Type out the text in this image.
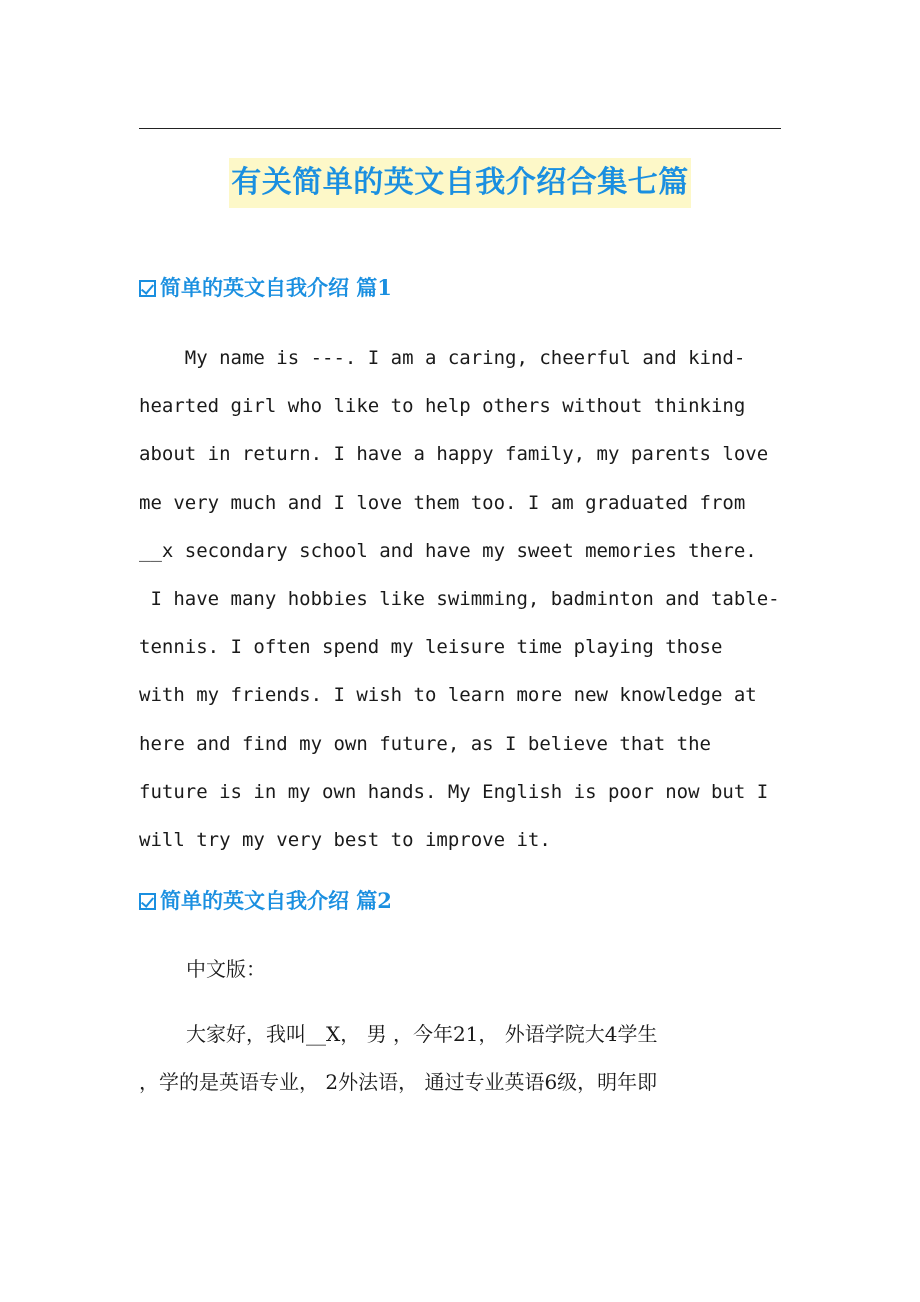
有关简单的英文自我介绍合集七篇
简单的英文自我介绍 篇1
My name is ---. I am a caring, cheerful and kind-
hearted girl who like to help others without thinking
about in return. I have a happy family, my parents love
me very much and I love them too. I am graduated from
__x secondary school and have my sweet memories there.
I have many hobbies like swimming, badminton and table-
tennis. I often spend my leisure time playing those
with my friends. I wish to learn more new knowledge at
here and find my own future, as I believe that the
future is in my own hands. My English is poor now but I
will try my very best to improve it.
简单的英文自我介绍 篇2
中文版：
大家好，我叫__X， 男 ，今年21， 外语学院大4学生
，学的是英语专业， 2外法语， 通过专业英语6级，明年即
